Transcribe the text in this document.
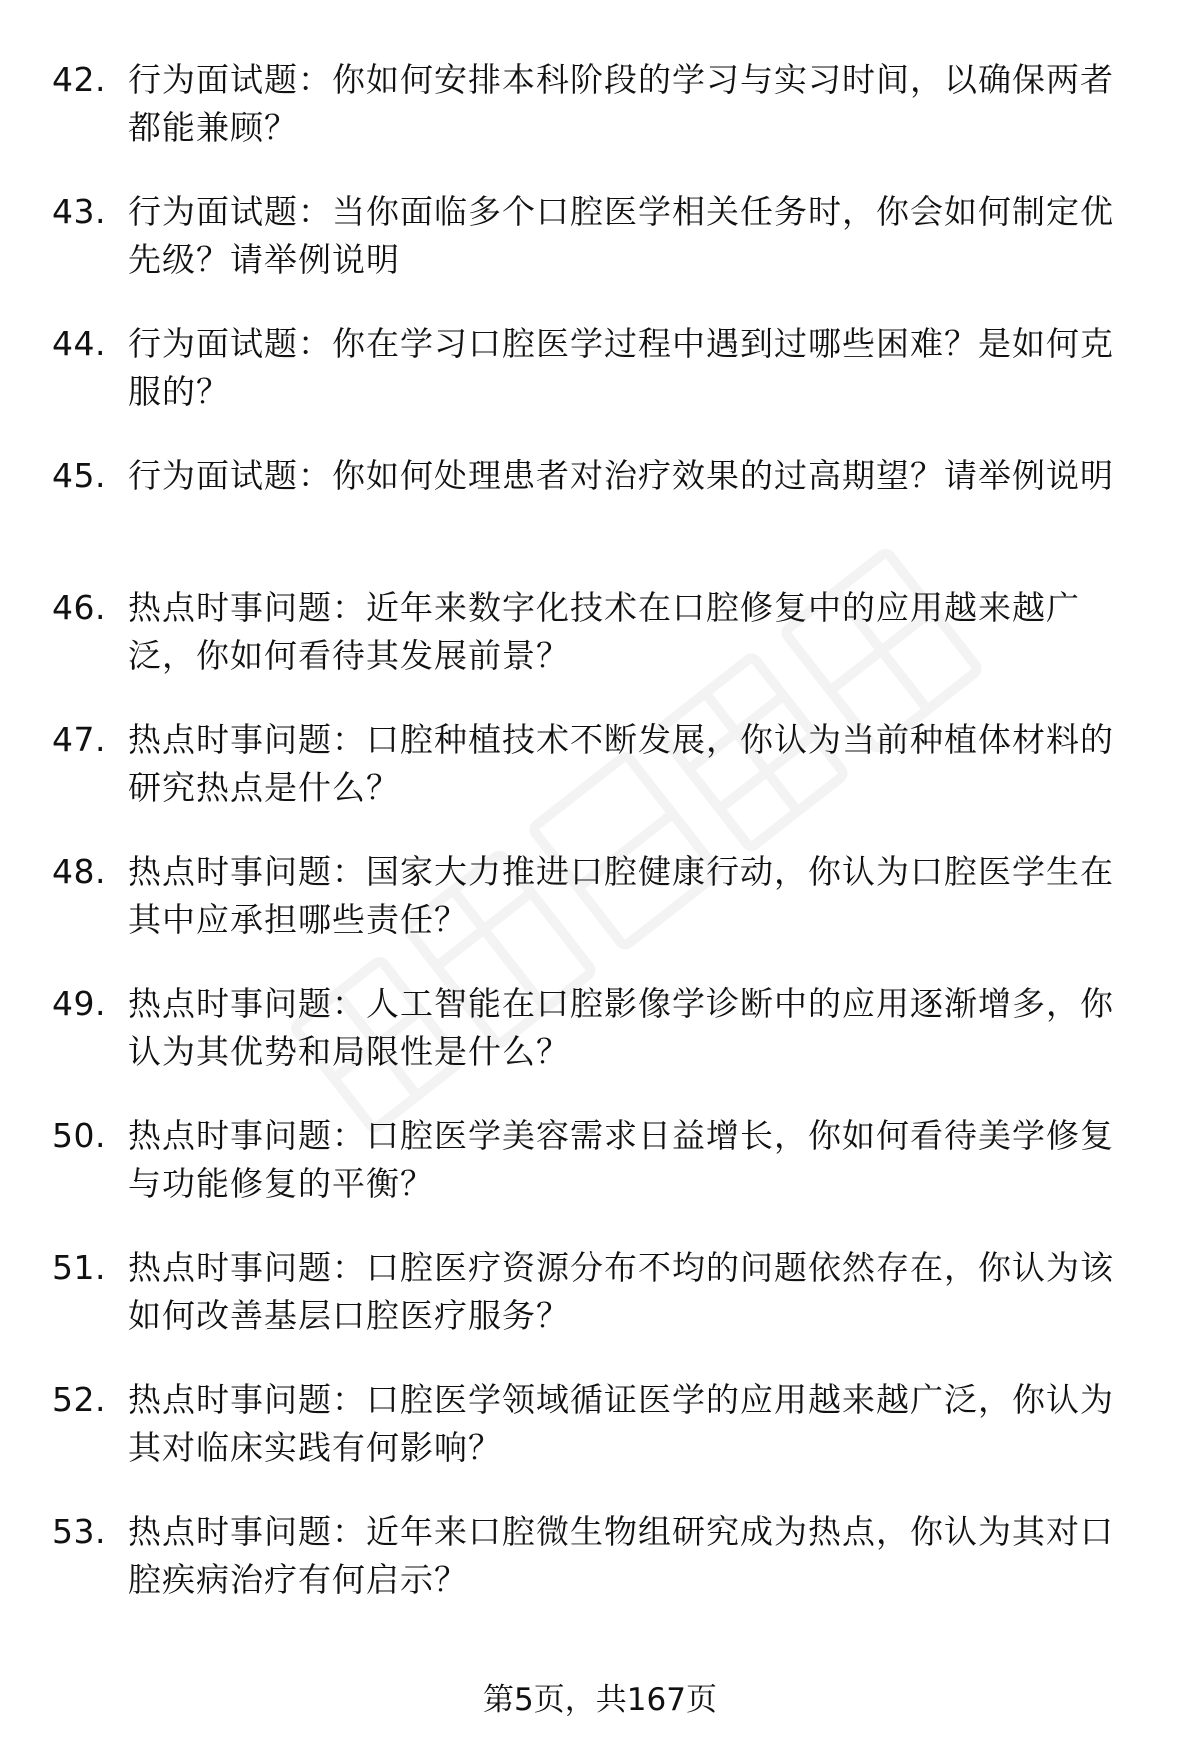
42. 行为面试题：你如何安排本科阶段的学习与实习时间，以确保两者都能兼顾？
43. 行为面试题：当你面临多个口腔医学相关任务时，你会如何制定优先级？请举例说明
44. 行为面试题：你在学习口腔医学过程中遇到过哪些困难？是如何克服的？
45. 行为面试题：你如何处理患者对治疗效果的过高期望？请举例说明
46. 热点时事问题：近年来数字化技术在口腔修复中的应用越来越广泛，你如何看待其发展前景？
47. 热点时事问题：口腔种植技术不断发展，你认为当前种植体材料的研究热点是什么？
48. 热点时事问题：国家大力推进口腔健康行动，你认为口腔医学生在其中应承担哪些责任？
49. 热点时事问题：人工智能在口腔影像学诊断中的应用逐渐增多，你认为其优势和局限性是什么？
50. 热点时事问题：口腔医学美容需求日益增长，你如何看待美学修复与功能修复的平衡？
51. 热点时事问题：口腔医疗资源分布不均的问题依然存在，你认为该如何改善基层口腔医疗服务？
52. 热点时事问题：口腔医学领域循证医学的应用越来越广泛，你认为其对临床实践有何影响？
53. 热点时事问题：近年来口腔微生物组研究成为热点，你认为其对口腔疾病治疗有何启示？
第5页，共167页
